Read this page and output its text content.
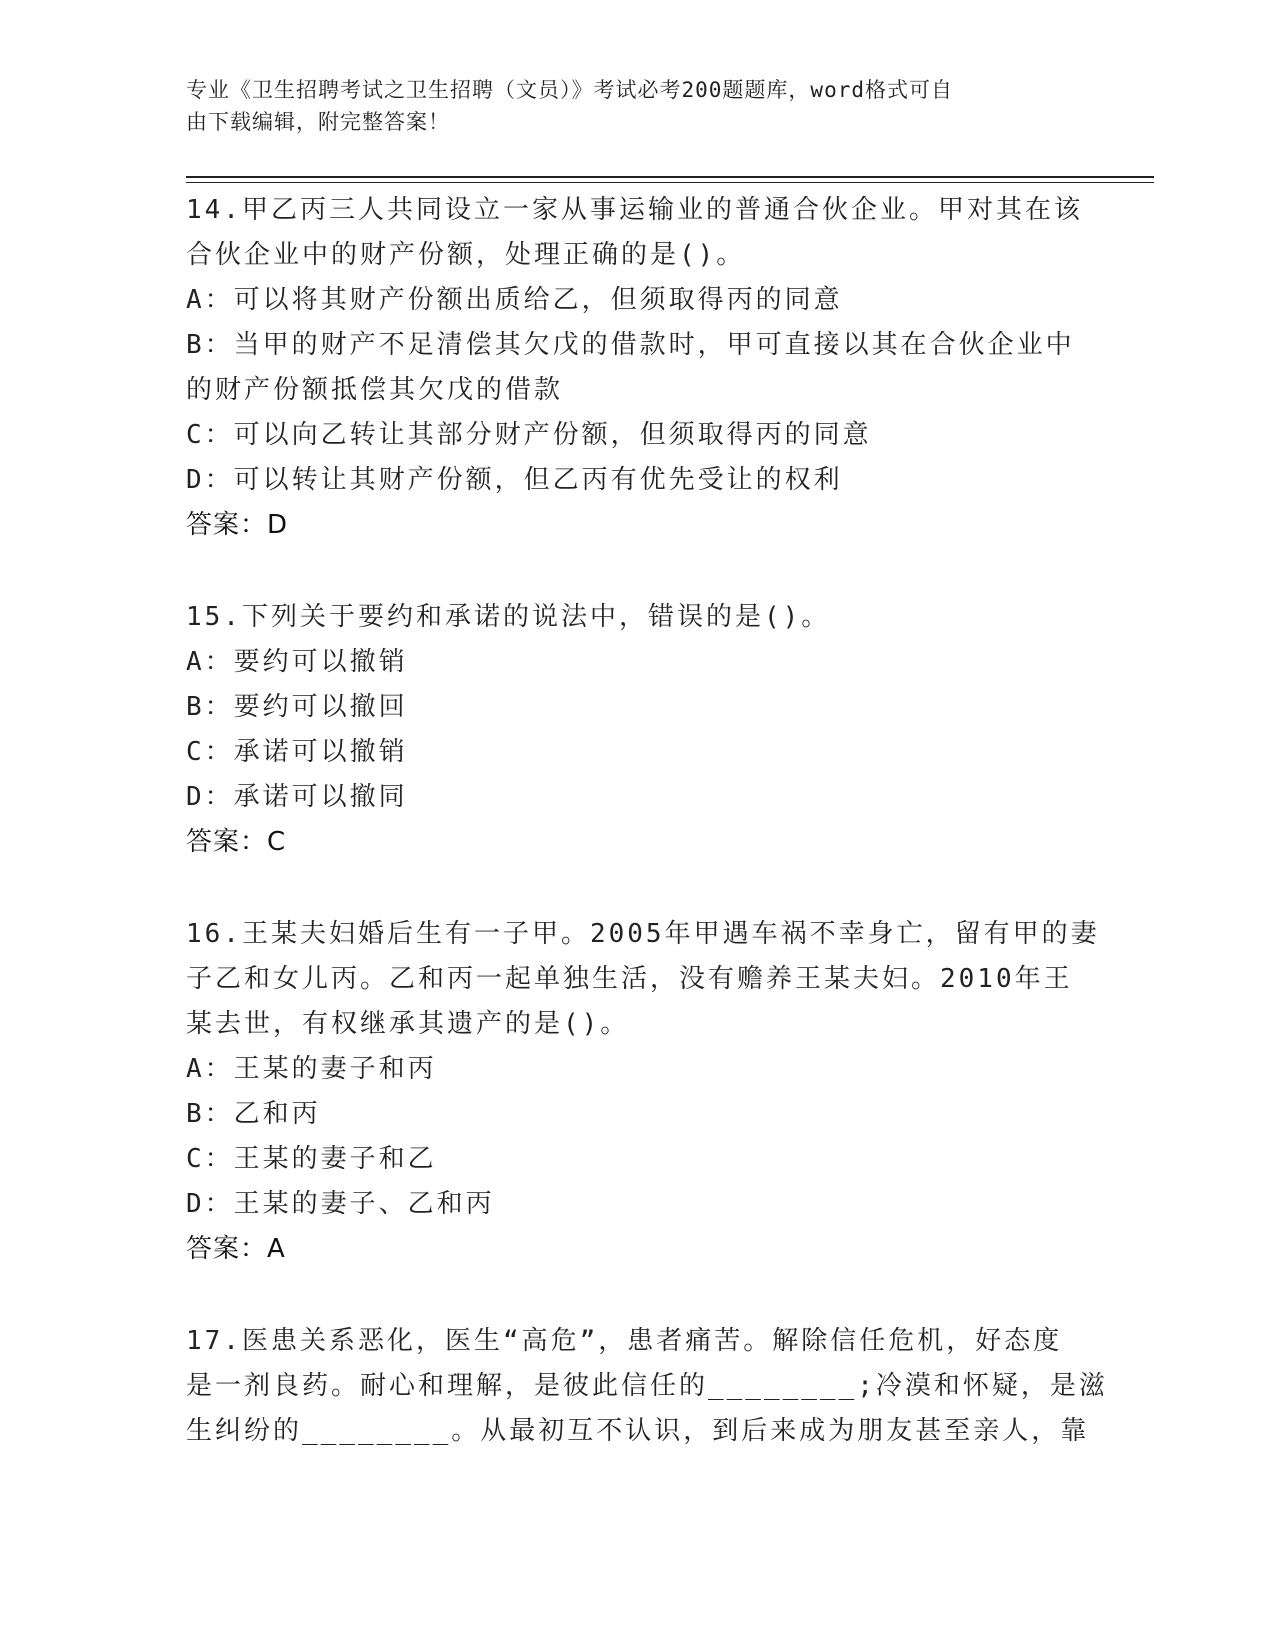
专业《卫生招聘考试之卫生招聘（文员）》考试必考200题题库，word格式可自
由下载编辑，附完整答案！
14.甲乙丙三人共同设立一家从事运输业的普通合伙企业。甲对其在该
合伙企业中的财产份额，处理正确的是()。
A：可以将其财产份额出质给乙，但须取得丙的同意
B：当甲的财产不足清偿其欠戊的借款时，甲可直接以其在合伙企业中
的财产份额抵偿其欠戊的借款
C：可以向乙转让其部分财产份额，但须取得丙的同意
D：可以转让其财产份额，但乙丙有优先受让的权利
答案：D
15.下列关于要约和承诺的说法中，错误的是()。
A：要约可以撤销
B：要约可以撤回
C：承诺可以撤销
D：承诺可以撤同
答案：C
16.王某夫妇婚后生有一子甲。2005年甲遇车祸不幸身亡，留有甲的妻
子乙和女儿丙。乙和丙一起单独生活，没有赡养王某夫妇。2010年王
某去世，有权继承其遗产的是()。
A：王某的妻子和丙
B：乙和丙
C：王某的妻子和乙
D：王某的妻子、乙和丙
答案：A
17.医患关系恶化，医生“高危”，患者痛苦。解除信任危机，好态度
是一剂良药。耐心和理解，是彼此信任的________;冷漠和怀疑，是滋
生纠纷的________。从最初互不认识，到后来成为朋友甚至亲人，靠
